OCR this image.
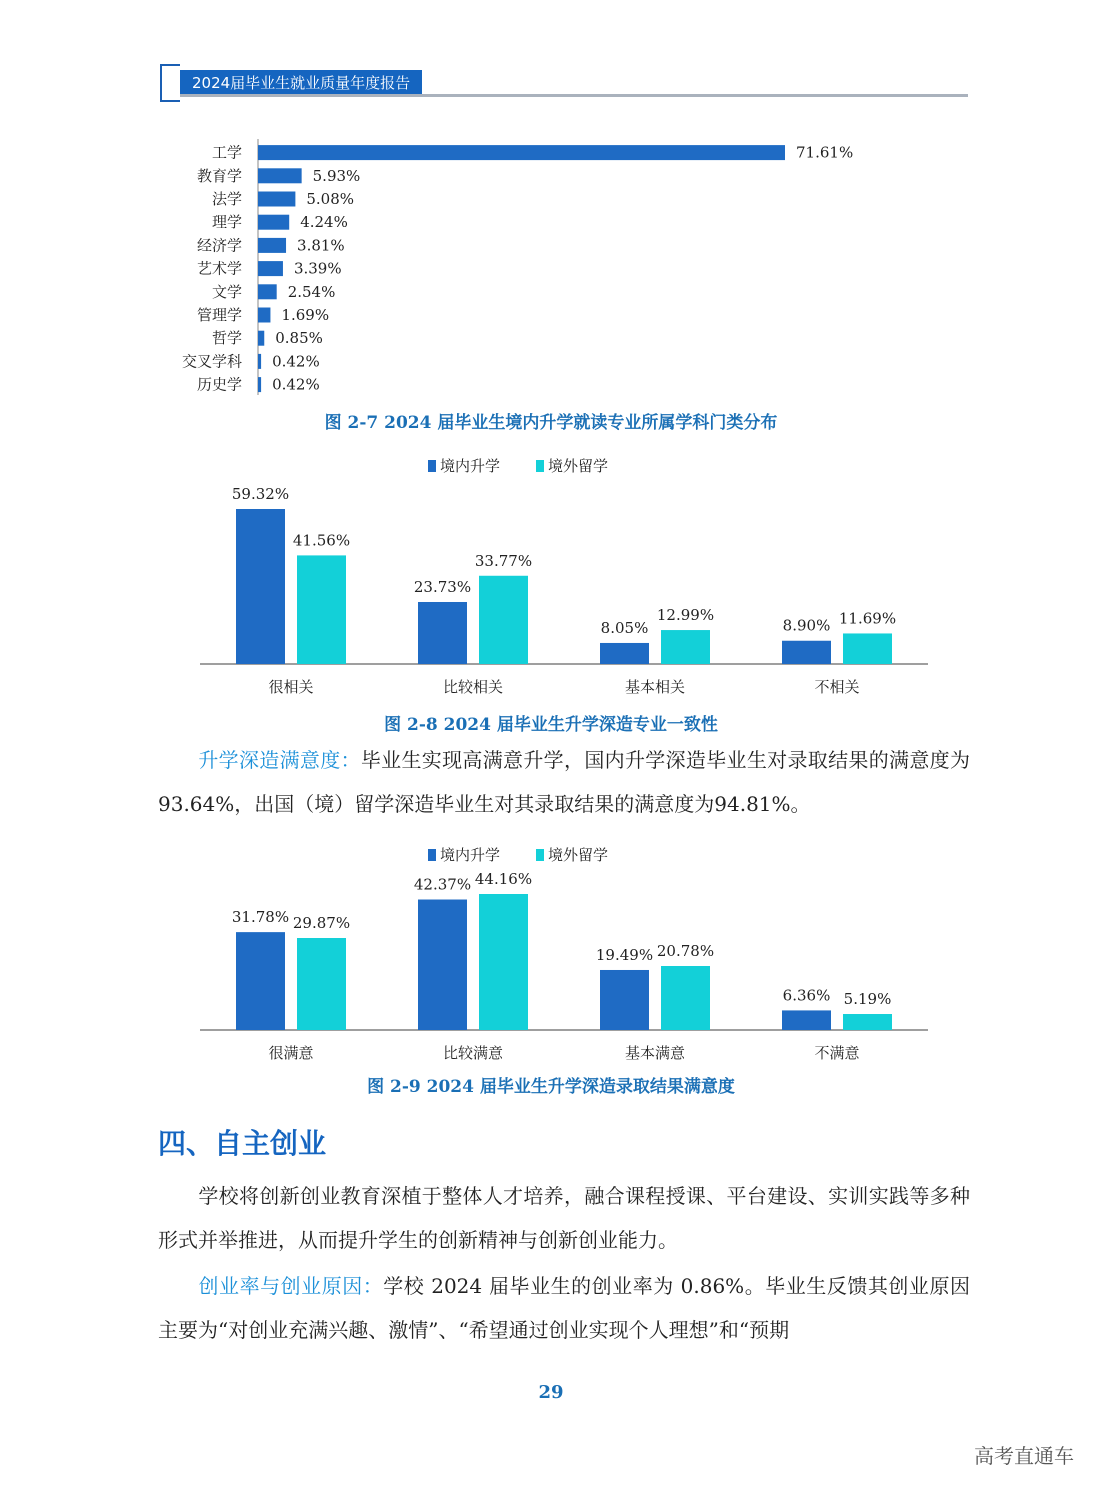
2024届毕业生就业质量年度报告
工学	71.61%
教育学	5.93%
法学	5.08%
理学	4.24%
经济学	3.81%
艺术学	3.39%
文学	2.54%
管理学	1.69%
哲学 0.85%
交叉学科 0.42%
历史学 0.42%
图 2-7 2024 届毕业生境内升学就读专业所属学科门类分布
境内升学	境外留学
59.32%
41.56%
很相关
23.73%
33.77%
比较相关
8.05%
12.99%
基本相关
8.90% 11.69%
不相关
图 2-8 2024 届毕业生升学深造专业一致性
升学深造满意度：毕业生实现高满意升学，国内升学深造毕业生对录取结果的满意度为93.64%，出国（境）留学深造毕业生对其录取结果的满意度为94.81%。
境内升学	境外留学
31.78% 29.87%
很满意
42.37% 44.16%
比较满意
19.49% 20.78%
基本满意
6.36% 5.19%
不满意
图 2-9 2024 届毕业生升学深造录取结果满意度
四、自主创业
学校将创新创业教育深植于整体人才培养，融合课程授课、平台建设、实训实践等多种形式并举推进，从而提升学生的创新精神与创新创业能力。
创业率与创业原因：学校 2024 届毕业生的创业率为 0.86%。毕业生反馈其创业原因主要为“对创业充满兴趣、激情”、“希望通过创业实现个人理想”和“预期
29
高考直通车
